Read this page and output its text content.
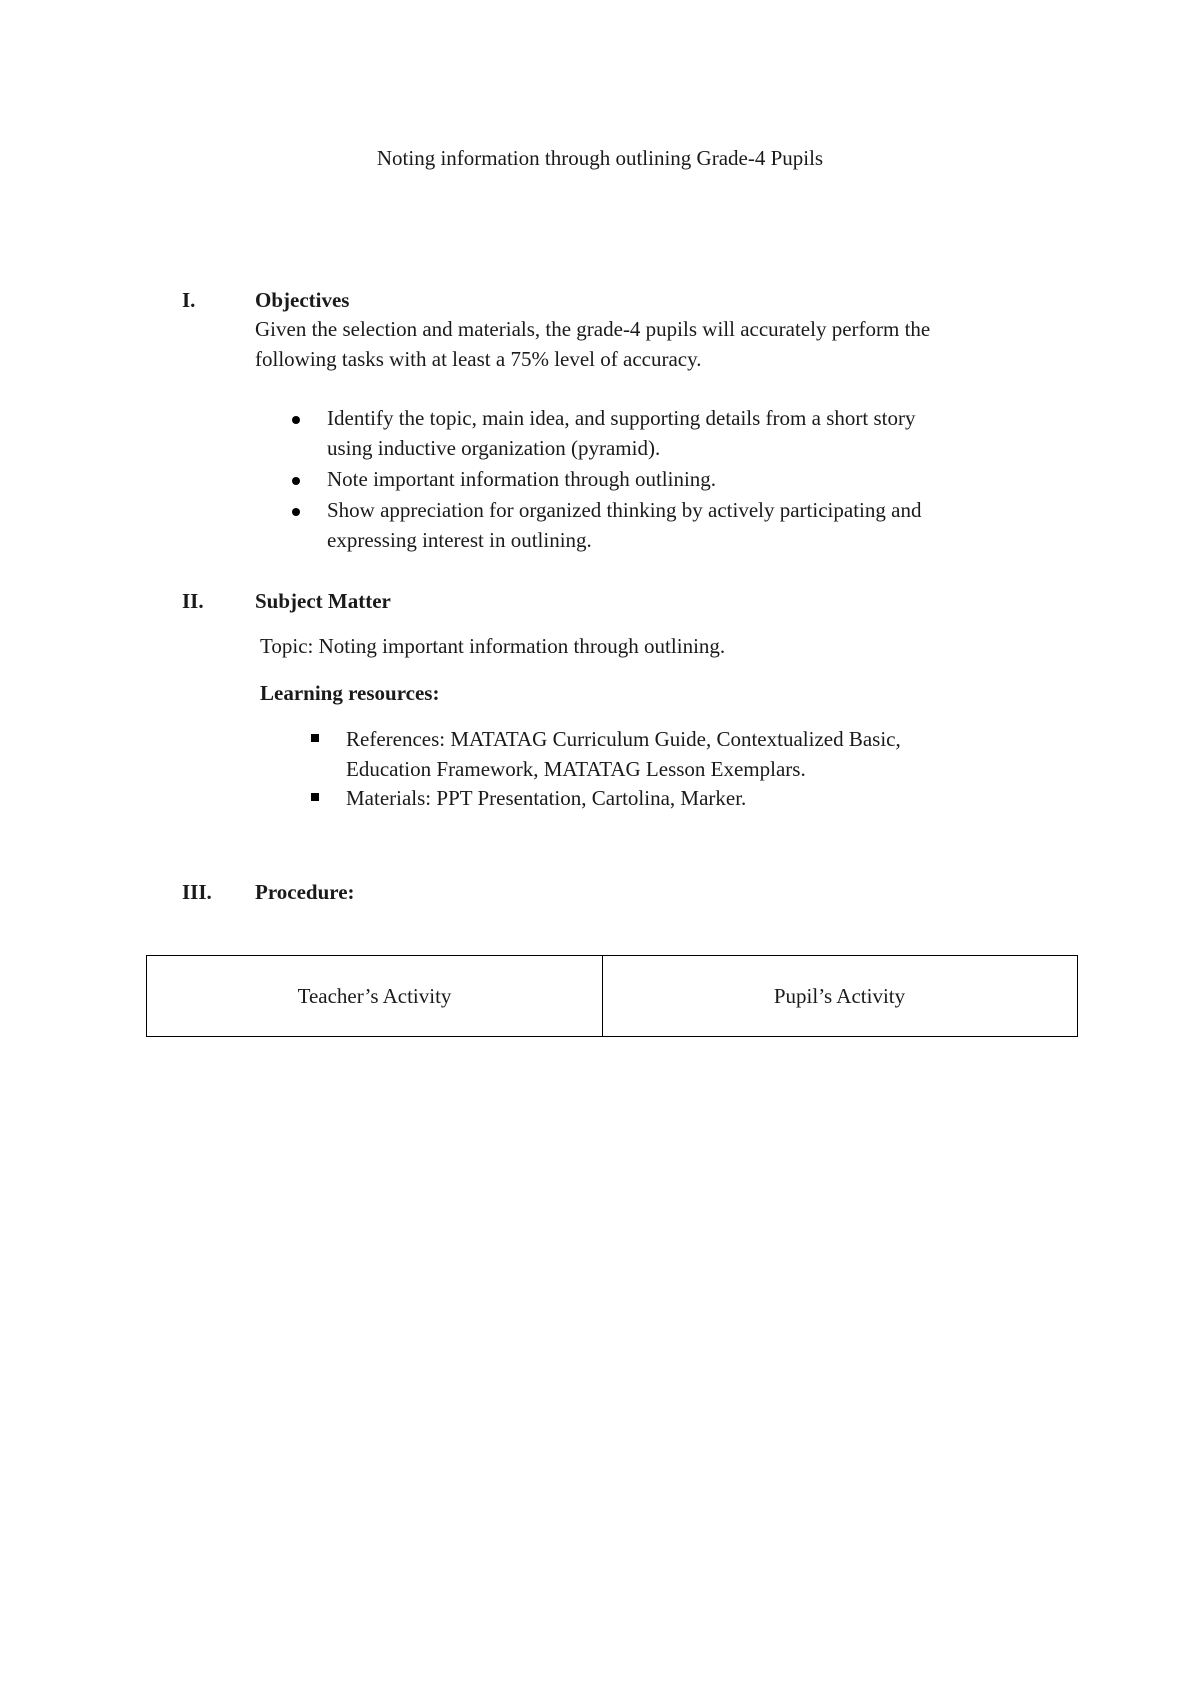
Noting information through outlining Grade-4 Pupils
I.	Objectives
Given the selection and materials, the grade-4 pupils will accurately perform the
following tasks with at least a 75% level of accuracy.
Identify the topic, main idea, and supporting details from a short story
using inductive organization (pyramid).
Note important information through outlining.
Show appreciation for organized thinking by actively participating and
expressing interest in outlining.
II. Subject Matter
Topic: Noting important information through outlining.
Learning resources:
References: MATATAG Curriculum Guide, Contextualized Basic,
Education Framework, MATATAG Lesson Exemplars.
Materials: PPT Presentation, Cartolina, Marker.
III. Procedure:
Teacher’s Activity	Pupil’s Activity
